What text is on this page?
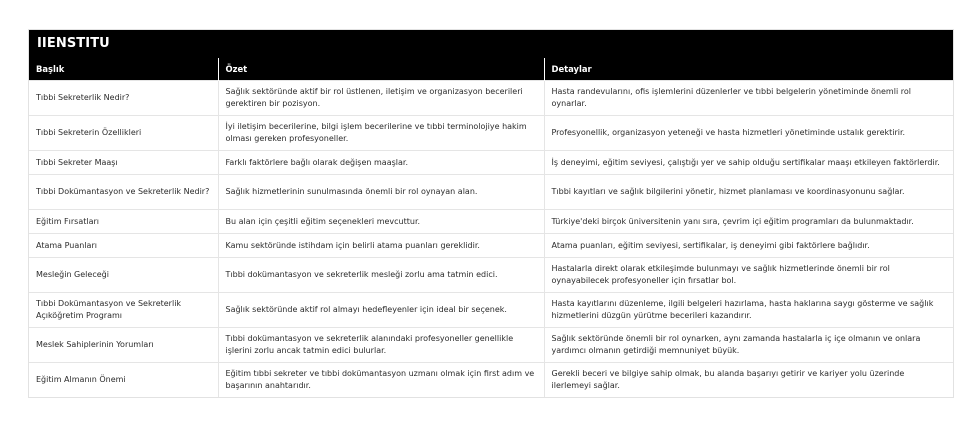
IIENSTITU
Başlık	Özet	Detaylar
Tıbbi Sekreterlik Nedir?	Sağlık sektöründe aktif bir rol üstlenen, iletişim ve organizasyon becerileri gerektiren bir pozisyon.	Hasta randevularını, ofis işlemlerini düzenlerler ve tıbbi belgelerin yönetiminde önemli rol oynarlar.
Tıbbi Sekreterin Özellikleri	İyi iletişim becerilerine, bilgi işlem becerilerine ve tıbbi terminolojiye hakim olması gereken profesyoneller.	Profesyonellik, organizasyon yeteneği ve hasta hizmetleri yönetiminde ustalık gerektirir.
Tıbbi Sekreter Maaşı	Farklı faktörlere bağlı olarak değişen maaşlar.	İş deneyimi, eğitim seviyesi, çalıştığı yer ve sahip olduğu sertifikalar maaşı etkileyen faktörlerdir.
Tıbbi Dokümantasyon ve Sekreterlik Nedir?	Sağlık hizmetlerinin sunulmasında önemli bir rol oynayan alan.	Tıbbi kayıtları ve sağlık bilgilerini yönetir, hizmet planlaması ve koordinasyonunu sağlar.
Eğitim Fırsatları	Bu alan için çeşitli eğitim seçenekleri mevcuttur.	Türkiye'deki birçok üniversitenin yanı sıra, çevrim içi eğitim programları da bulunmaktadır.
Atama Puanları	Kamu sektöründe istihdam için belirli atama puanları gereklidir.	Atama puanları, eğitim seviyesi, sertifikalar, iş deneyimi gibi faktörlere bağlıdır.
Mesleğin Geleceği	Tıbbi dokümantasyon ve sekreterlik mesleği zorlu ama tatmin edici.	Hastalarla direkt olarak etkileşimde bulunmayı ve sağlık hizmetlerinde önemli bir rol oynayabilecek profesyoneller için fırsatlar bol.
Tıbbi Dokümantasyon ve Sekreterlik Açıköğretim Programı	Sağlık sektöründe aktif rol almayı hedefleyenler için ideal bir seçenek.	Hasta kayıtlarını düzenleme, ilgili belgeleri hazırlama, hasta haklarına saygı gösterme ve sağlık hizmetlerini düzgün yürütme becerileri kazandırır.
Meslek Sahiplerinin Yorumları	Tıbbi dokümantasyon ve sekreterlik alanındaki profesyoneller genellikle işlerini zorlu ancak tatmin edici bulurlar.	Sağlık sektöründe önemli bir rol oynarken, aynı zamanda hastalarla iç içe olmanın ve onlara yardımcı olmanın getirdiği memnuniyet büyük.
Eğitim Almanın Önemi	Eğitim tıbbi sekreter ve tıbbi dokümantasyon uzmanı olmak için first adım ve başarının anahtarıdır.	Gerekli beceri ve bilgiye sahip olmak, bu alanda başarıyı getirir ve kariyer yolu üzerinde ilerlemeyi sağlar.
